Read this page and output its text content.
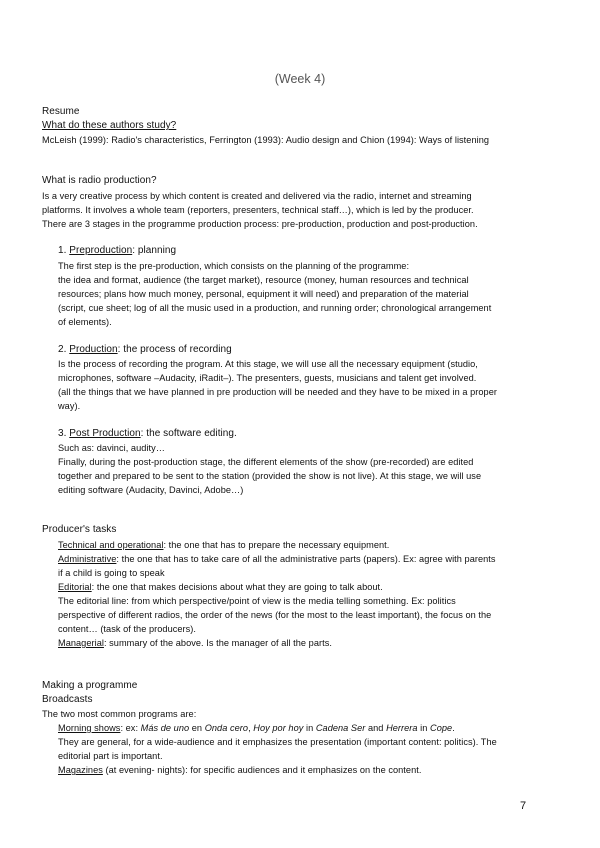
(Week 4)
Resume
What do these authors study?
McLeish (1999): Radio's characteristics, Ferrington (1993): Audio design and Chion (1994): Ways of listening
What is radio production?
Is a very creative process by which content is created and delivered via the radio, internet and streaming
platforms. It involves a whole team (reporters, presenters, technical staff…), which is led by the producer.
There are 3 stages in the programme production process: pre-production, production and post-production.
1. Preproduction: planning
The first step is the pre-production, which consists on the planning of the programme:
the idea and format, audience (the target market), resource (money, human resources and technical
resources; plans how much money, personal, equipment it will need) and preparation of the material
(script, cue sheet; log of all the music used in a production, and running order; chronological arrangement
of elements).
2. Production: the process of recording
Is the process of recording the program. At this stage, we will use all the necessary equipment (studio,
microphones, software –Audacity, iRadit–). The presenters, guests, musicians and talent get involved.
(all the things that we have planned in pre production will be needed and they have to be mixed in a proper
way).
3. Post Production: the software editing.
Such as: davinci, audity…
Finally, during the post-production stage, the different elements of the show (pre-recorded) are edited
together and prepared to be sent to the station (provided the show is not live). At this stage, we will use
editing software (Audacity, Davinci, Adobe…)
Producer's tasks
Technical and operational: the one that has to prepare the necessary equipment.
Administrative: the one that has to take care of all the administrative parts (papers). Ex: agree with parents
if a child is going to speak
Editorial: the one that makes decisions about what they are going to talk about.
The editorial line: from which perspective/point of view is the media telling something. Ex: politics
perspective of different radios, the order of the news (for the most to the least important), the focus on the
content… (task of the producers).
Managerial: summary of the above. Is the manager of all the parts.
Making a programme
Broadcasts
The two most common programs are:
Morning shows: ex: Más de uno en Onda cero, Hoy por hoy in Cadena Ser and Herrera in Cope.
They are general, for a wide-audience and it emphasizes the presentation (important content: politics). The
editorial part is important.
Magazines (at evening- nights): for specific audiences and it emphasizes on the content.
7
